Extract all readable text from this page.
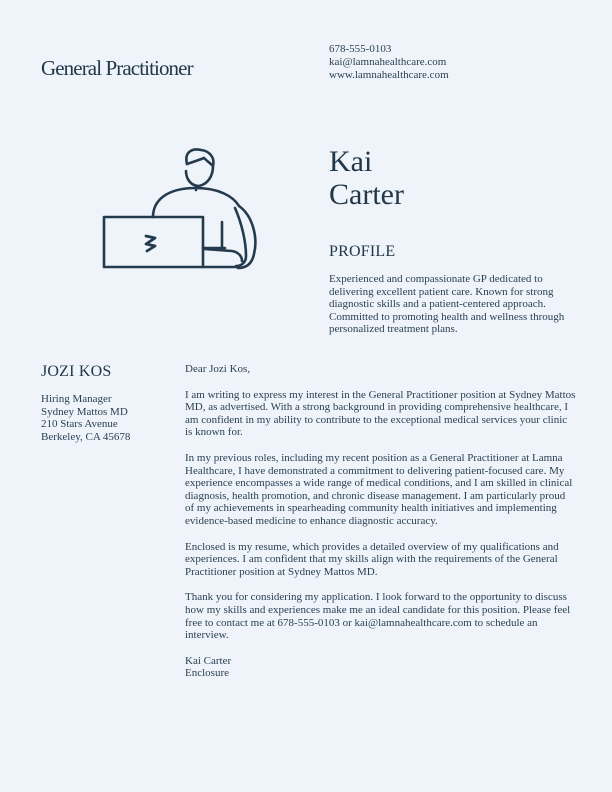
General Practitioner
678-555-0103
kai@lamnahealthcare.com
www.lamnahealthcare.com
Kai
Carter
PROFILE
Experienced and compassionate GP dedicated to delivering excellent patient care. Known for strong diagnostic skills and a patient-centered approach. Committed to promoting health and wellness through personalized treatment plans.
JOZI KOS
Hiring Manager
Sydney Mattos MD
210 Stars Avenue
Berkeley, CA 45678

Dear Jozi Kos,

I am writing to express my interest in the General Practitioner position at Sydney Mattos MD, as advertised. With a strong background in providing comprehensive healthcare, I am confident in my ability to contribute to the exceptional medical services your clinic is known for.

In my previous roles, including my recent position as a General Practitioner at Lamna Healthcare, I have demonstrated a commitment to delivering patient-focused care. My experience encompasses a wide range of medical conditions, and I am skilled in clinical diagnosis, health promotion, and chronic disease management. I am particularly proud of my achievements in spearheading community health initiatives and implementing evidence-based medicine to enhance diagnostic accuracy.

Enclosed is my resume, which provides a detailed overview of my qualifications and experiences. I am confident that my skills align with the requirements of the General Practitioner position at Sydney Mattos MD.

Thank you for considering my application. I look forward to the opportunity to discuss how my skills and experiences make me an ideal candidate for this position. Please feel free to contact me at 678-555-0103 or kai@lamnahealthcare.com to schedule an interview.

Kai Carter

Enclosure
